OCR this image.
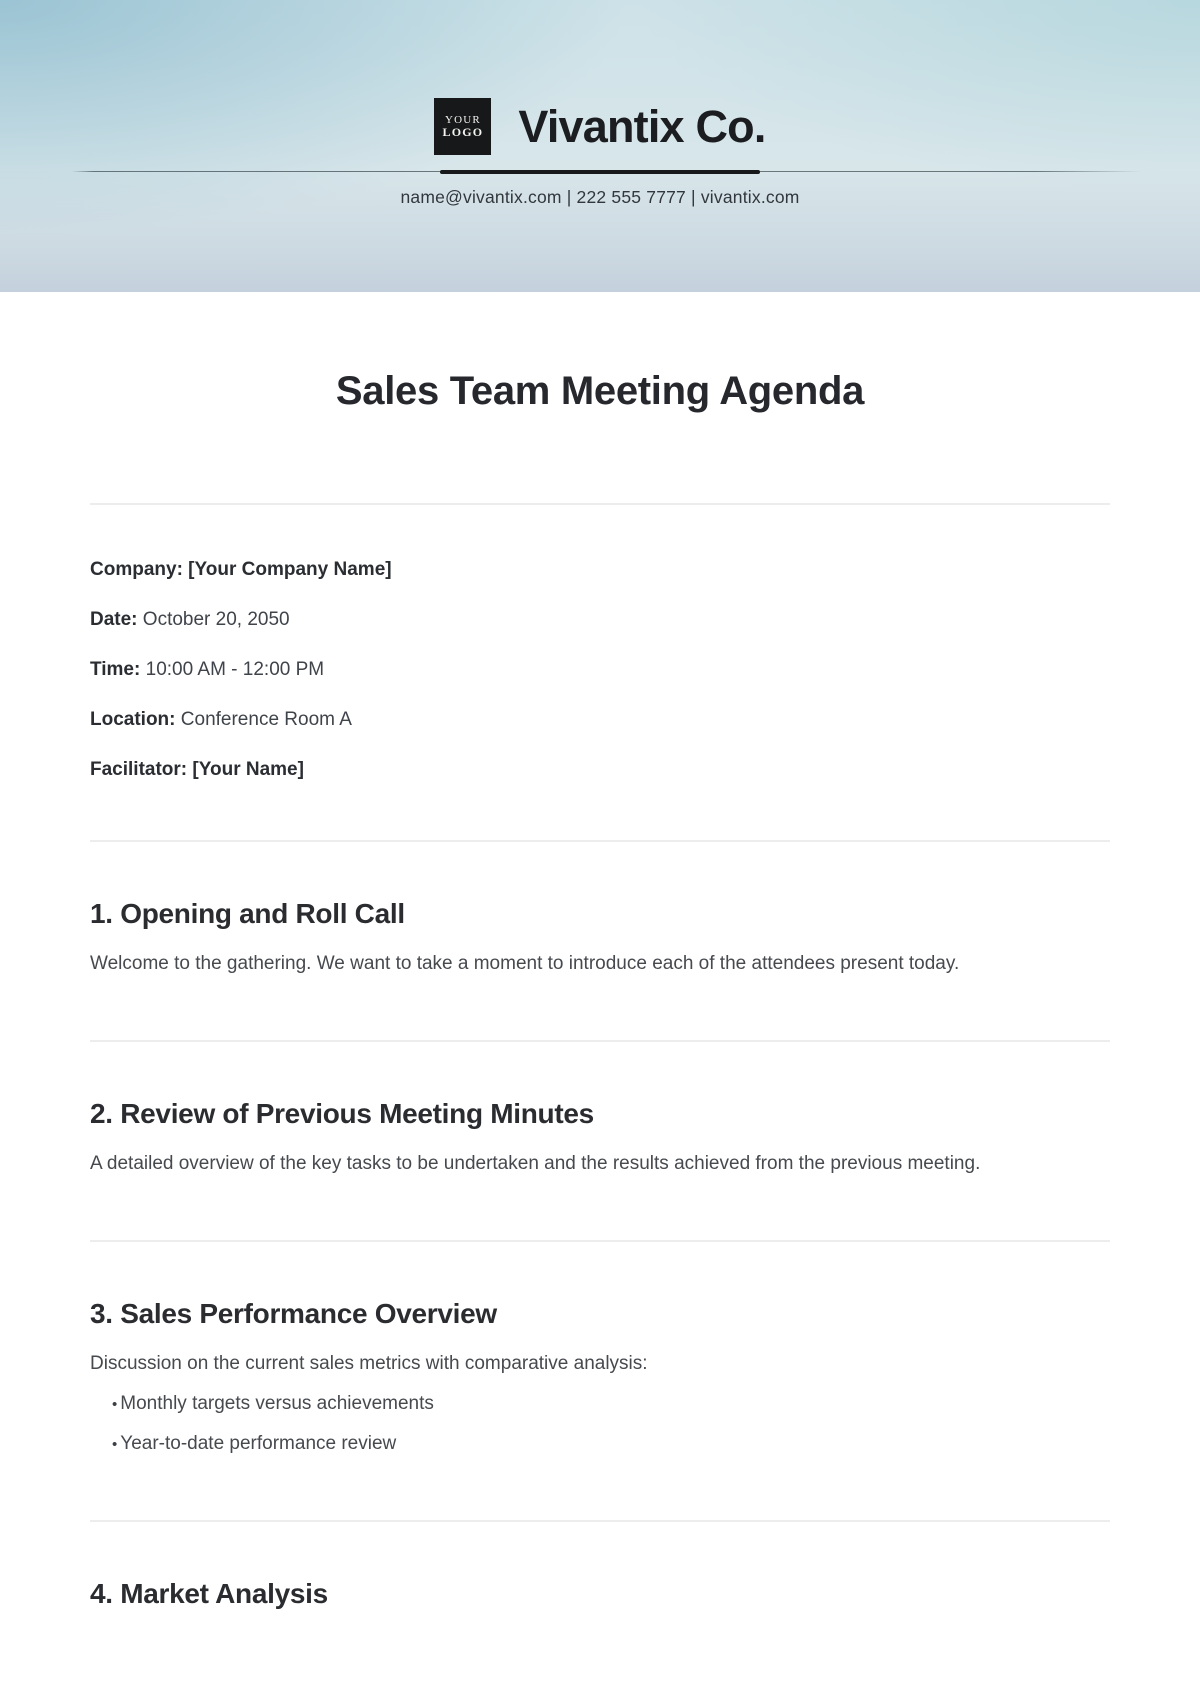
YOUR
LOGO Vivantix Co.
name@vivantix.com | 222 555 7777 | vivantix.com
Sales Team Meeting Agenda
Company: [Your Company Name]
Date: October 20, 2050
Time: 10:00 AM - 12:00 PM
Location: Conference Room A
Facilitator: [Your Name]
1. Opening and Roll Call

Welcome to the gathering. We want to take a moment to introduce each of the attendees present today.

2. Review of Previous Meeting Minutes

A detailed overview of the key tasks to be undertaken and the results achieved from the previous meeting.

3. Sales Performance Overview

Discussion on the current sales metrics with comparative analysis:

• Monthly targets versus achievements
• Year-to-date performance review
4. Market Analysis
